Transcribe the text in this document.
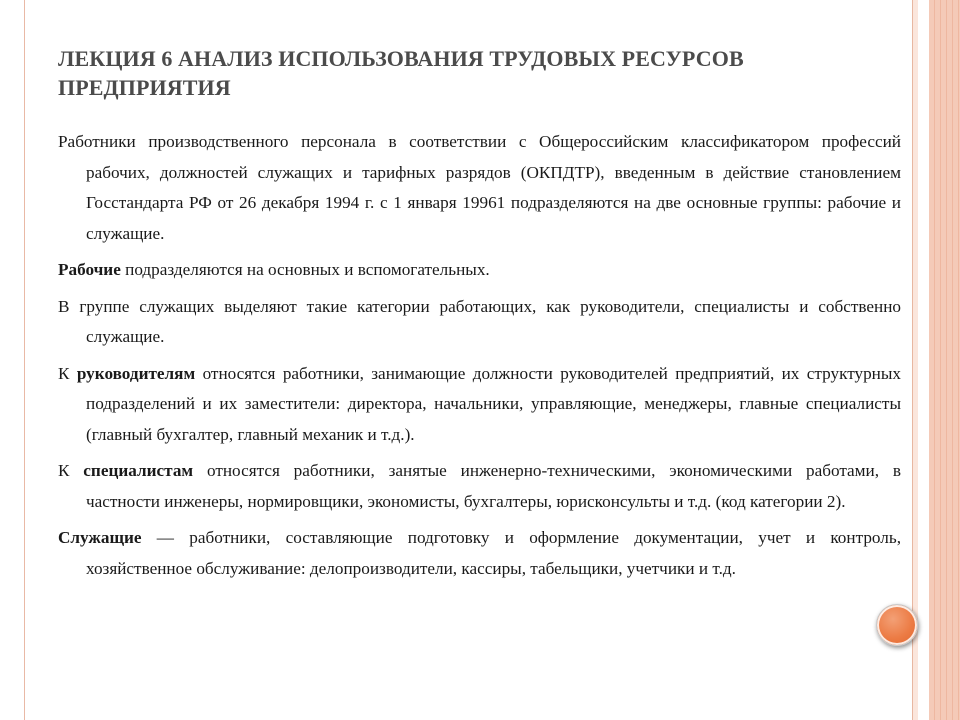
ЛЕКЦИЯ 6 АНАЛИЗ ИСПОЛЬЗОВАНИЯ ТРУДОВЫХ РЕСУРСОВ ПРЕДПРИЯТИЯ

Работники производственного персонала в соответствии с Общероссийским классификатором профессий рабочих, должностей служащих и тарифных разрядов (ОКПДТР), введенным в действие становлением Госстандарта РФ от 26 декабря 1994 г. с 1 января 19961 подразделяются на две основные группы: рабочие и служащие.

Рабочие подразделяются на основных и вспомогательных.

В группе служащих выделяют такие категории работающих, как руководители, специалисты и собственно служащие.

К руководителям относятся работники, занимающие должности руководителей предприятий, их структурных подразделений и их заместители: директора, начальники, управляющие, менеджеры, главные специалисты (главный бухгалтер, главный механик и т.д.).

К специалистам относятся работники, занятые инженерно-техническими, экономическими работами, в частности инженеры, нормировщики, экономисты, бухгалтеры, юрисконсульты и т.д. (код категории 2).

Служащие — работники, составляющие подготовку и оформление документации, учет и контроль, хозяйственное обслуживание: делопроизводители, кассиры, табельщики, учетчики и т.д.
